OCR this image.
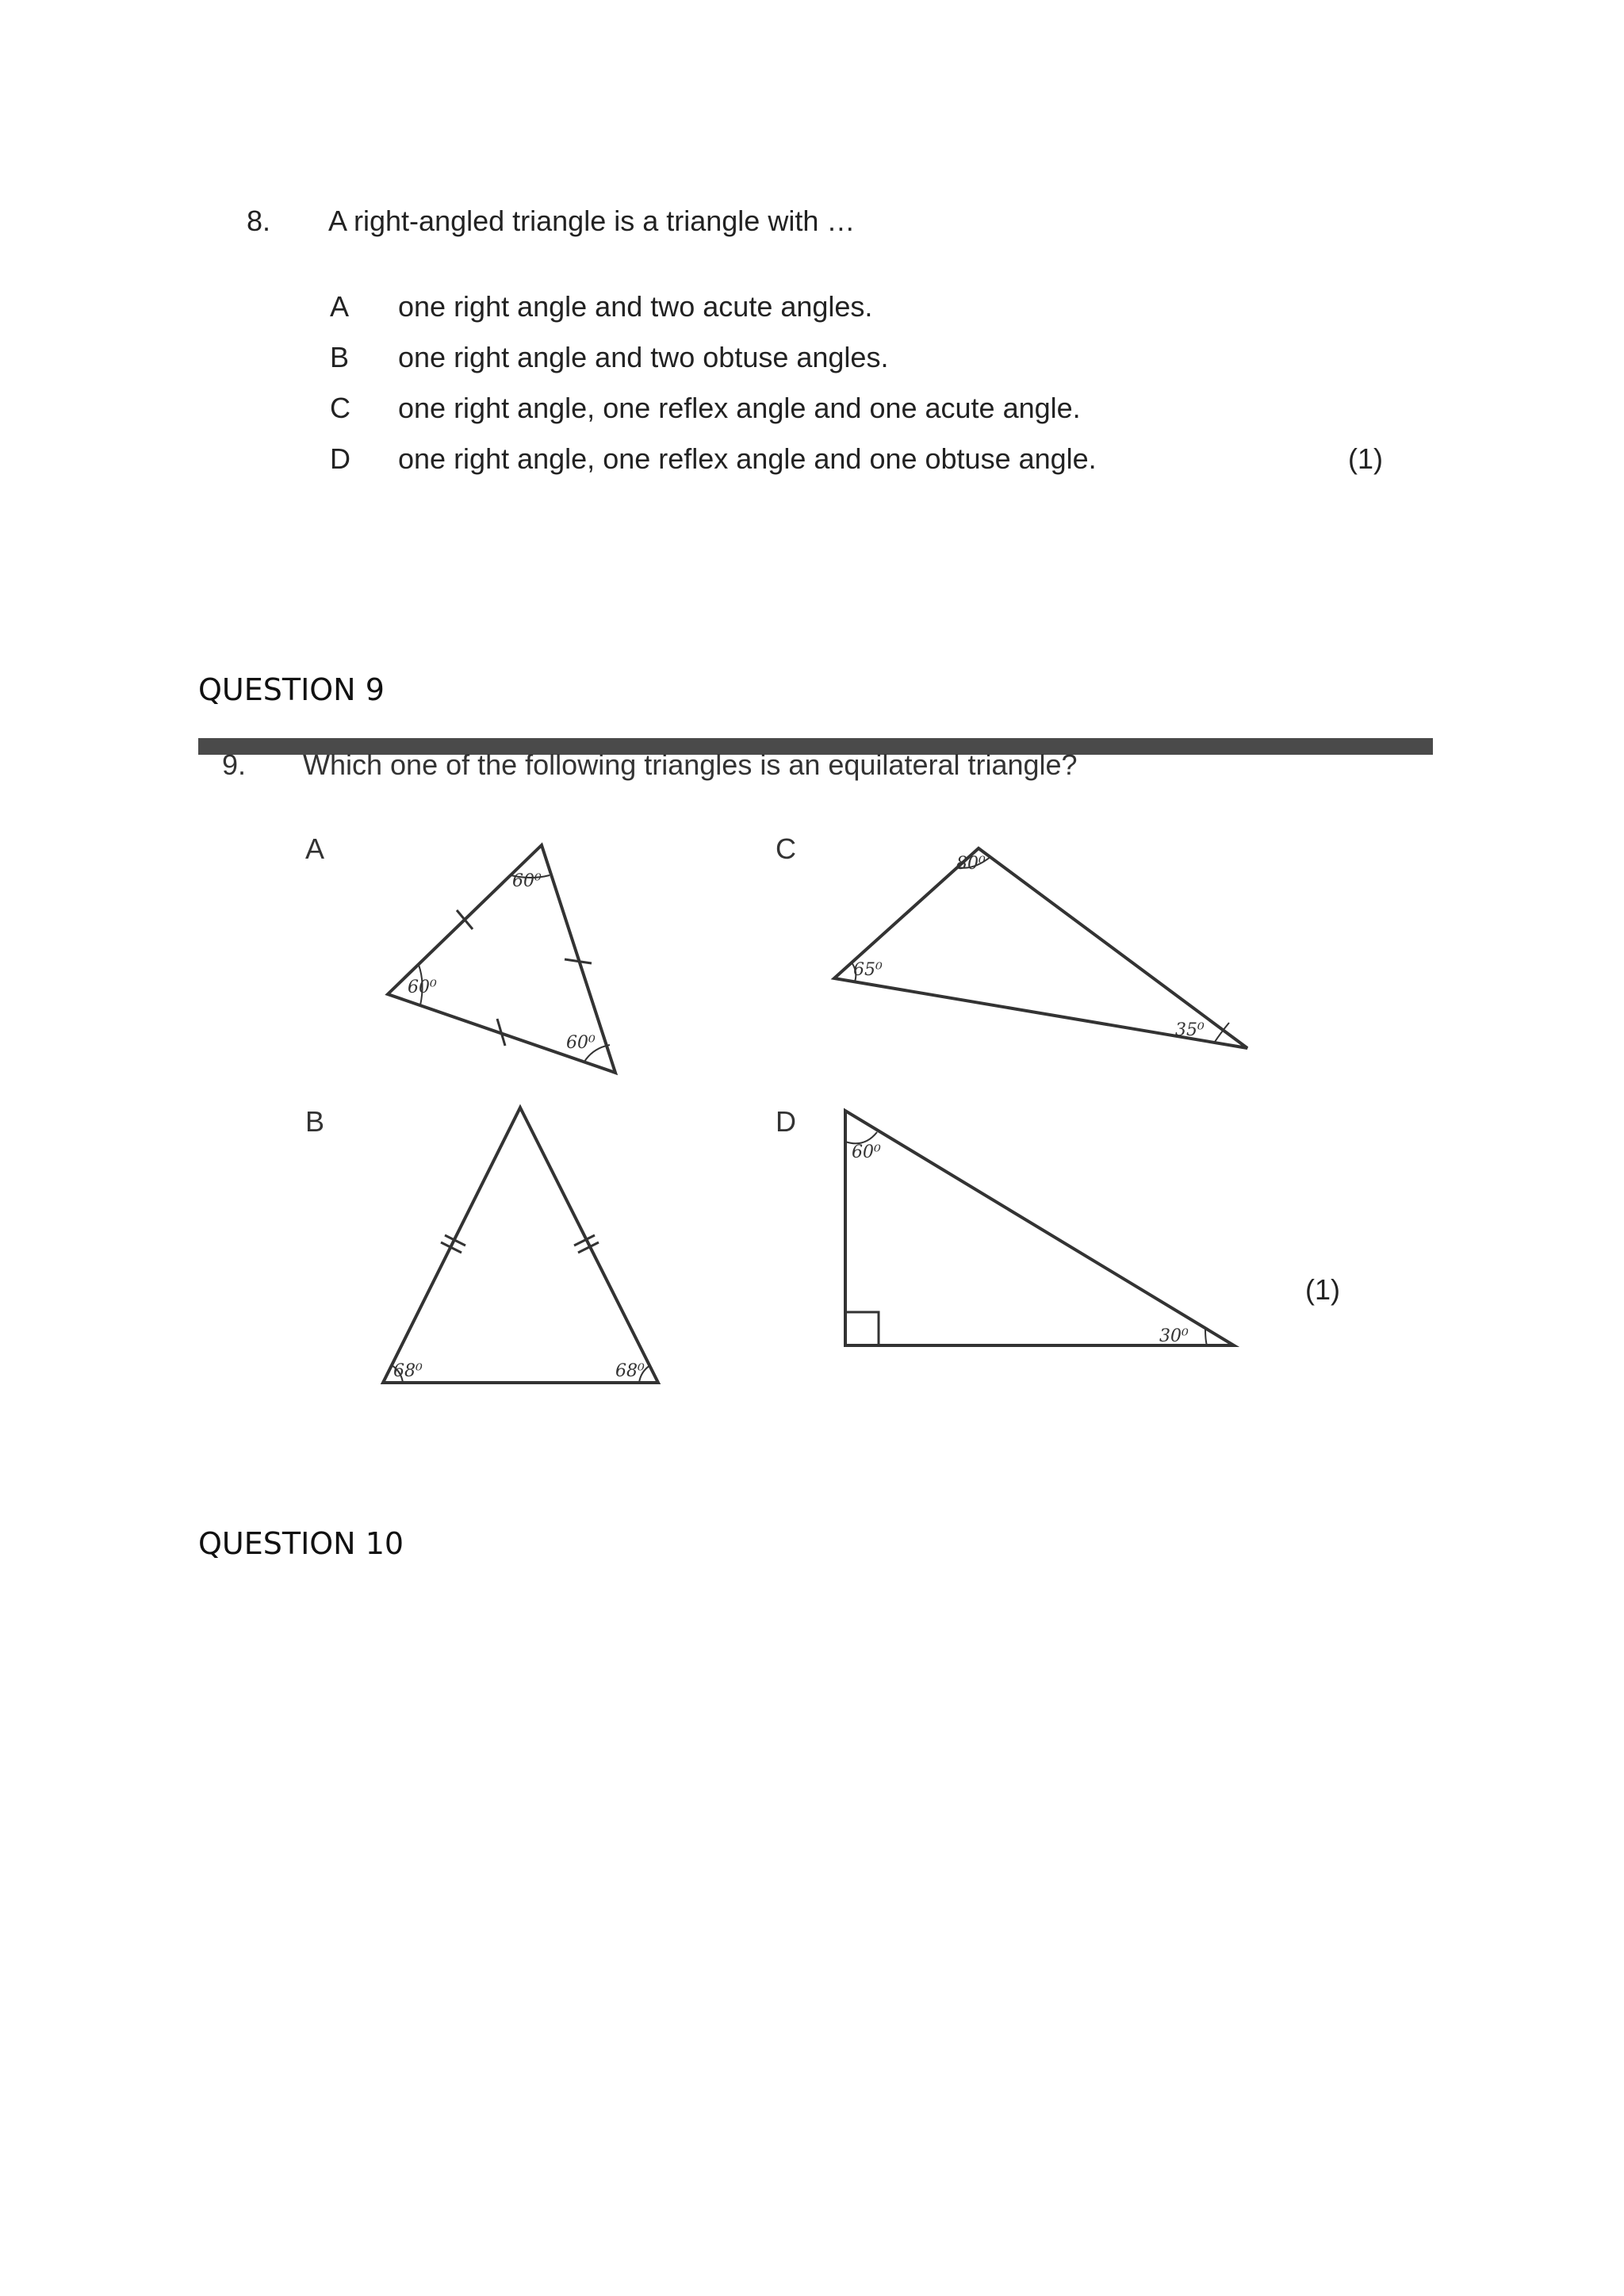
8. A right-angled triangle is a triangle with …
A one right angle and two acute angles.
B one right angle and two obtuse angles.
C one right angle, one reflex angle and one acute angle.
D one right angle, one reflex angle and one obtuse angle.	(1)
QUESTION 9
9. Which one of the following triangles is an equilateral triangle?
A	C
B	D
60⁰
60⁰
60⁰
68⁰	68⁰
80⁰
65⁰
35⁰
60⁰
30⁰
(1)
QUESTION 10
